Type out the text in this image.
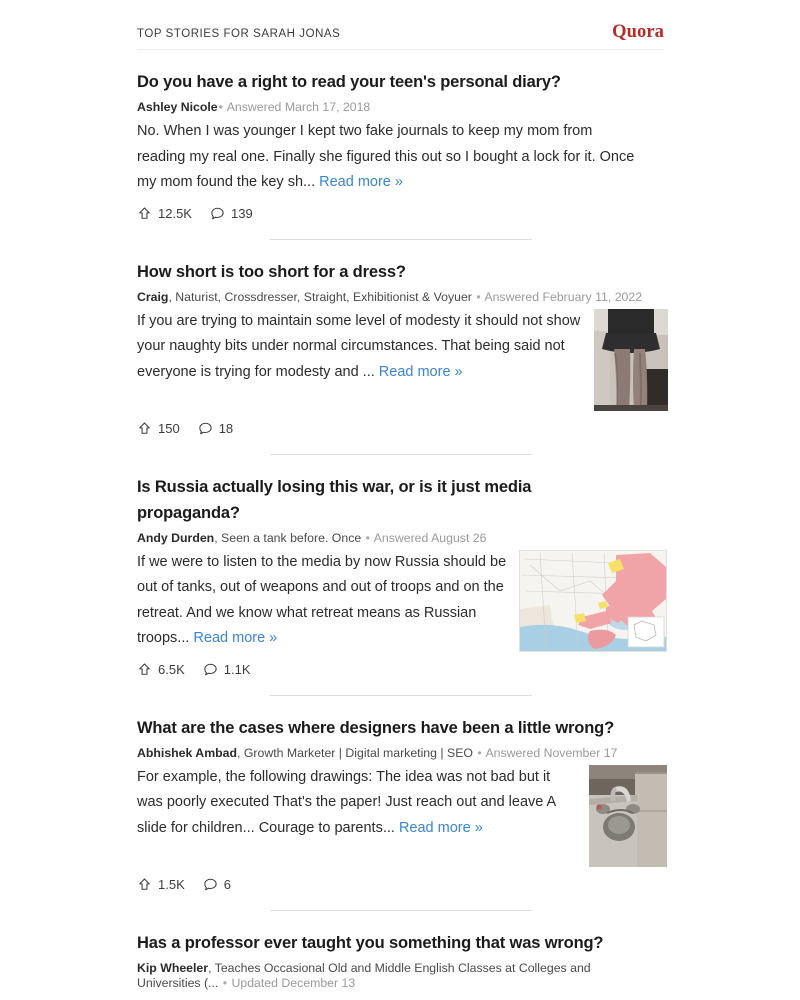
TOP STORIES FOR SARAH JONAS	Quora
Do you have a right to read your teen's personal diary?
Ashley Nicole• Answered March 17, 2018

No. When I was younger I kept two fake journals to keep my mom from reading my real one. Finally she figured this out so I bought a lock for it. Once my mom found the key sh... Read more »

12.5K	139
How short is too short for a dress?
Craig, Naturist, Crossdresser, Straight, Exhibitionist & Voyuer • Answered February 11, 2022

If you are trying to maintain some level of modesty it should not show your naughty bits under normal circumstances. That being said not everyone is trying for modesty and ... Read more »

150	18
Is Russia actually losing this war, or is it just media propaganda?
Andy Durden, Seen a tank before. Once • Answered August 26

If we were to listen to the media by now Russia should be out of tanks, out of weapons and out of troops and on the retreat. And we know what retreat means as Russian troops... Read more »

6.5K	1.1K
What are the cases where designers have been a little wrong?
Abhishek Ambad, Growth Marketer | Digital marketing | SEO • Answered November 17

For example, the following drawings: The idea was not bad but it was poorly executed That's the paper! Just reach out and leave A slide for children... Courage to parents... Read more »

1.5K	6
Has a professor ever taught you something that was wrong?
Kip Wheeler, Teaches Occasional Old and Middle English Classes at Colleges and Universities (... • Updated December 13
